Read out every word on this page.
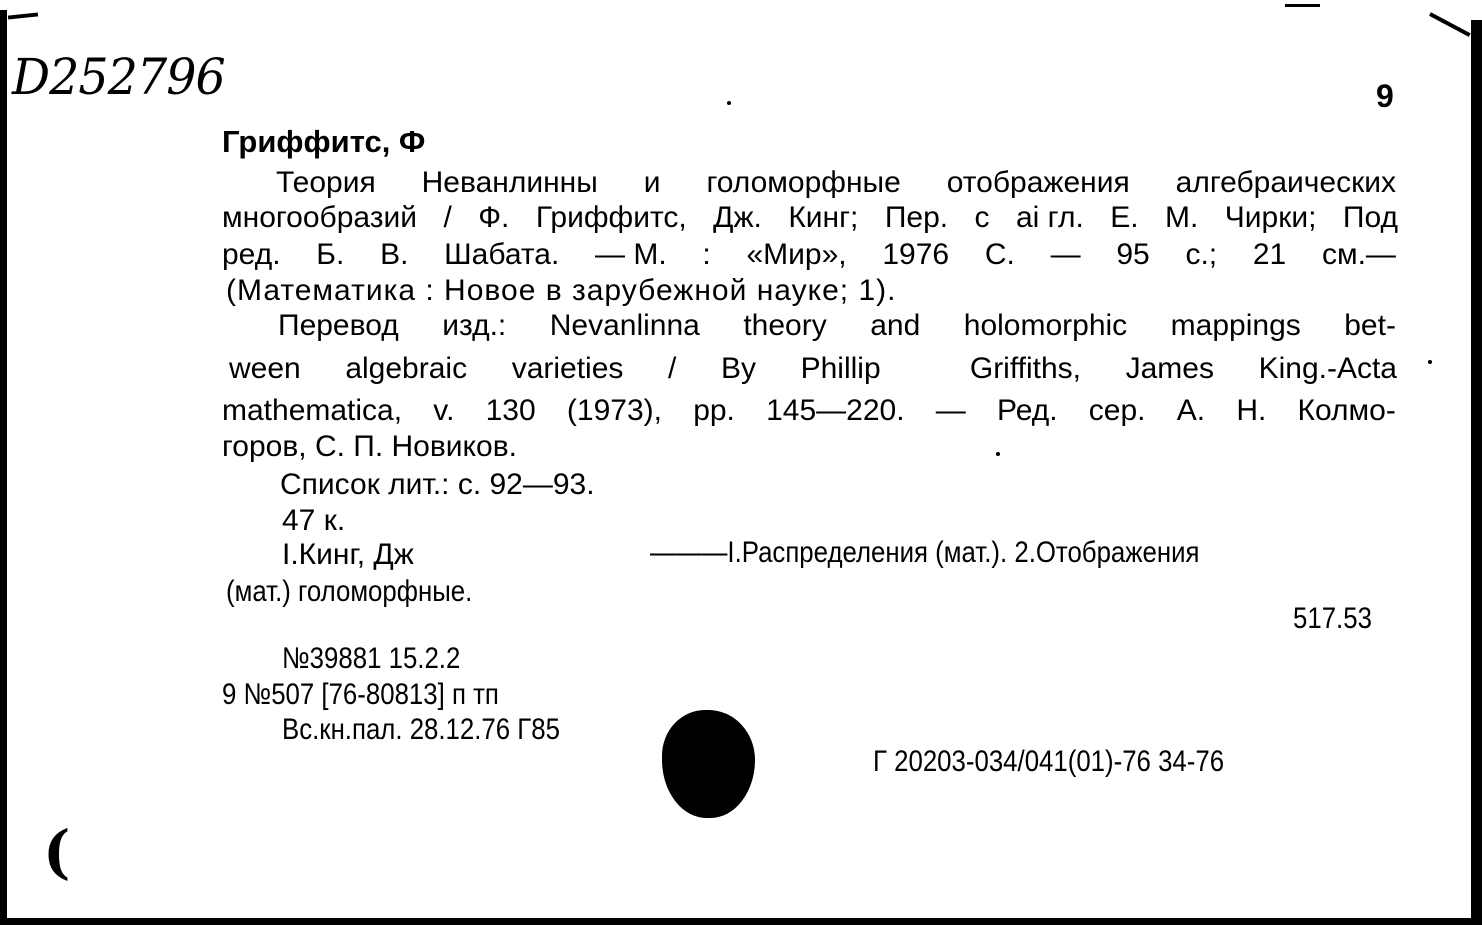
D252796	9
Гриффитс, Ф
Теория Неванлинны и голоморфные отображения алгебраических
многообразий / Ф. Гриффитс, Дж. Кинг; Пер. с аі гл. Е. М. Чирки; Под
ред. Б. В. Шабата. — М. : «Мир», 1976 С. — 95 с.; 21 см.—
(Математика : Новое в зарубежной науке; 1).
Перевод изд.: Nevanlinna theory and holomorphic mappings bet-
ween algebraic varieties / By Phillip	Griffiths, James King.-Acta
mathematica, v. 130 (1973), pp. 145—220. — Ред. сер. А. Н. Колмо-
горов, С. П. Новиков.
Список лит.: с. 92—93.
47 к.
I.Кинг, Дж	———I.Распределения (мат.). 2.Отображения
(мат.) голоморфные.
517.53
№39881 15.2.2
9 №507 [76-80813] п тп
Вс.кн.пал. 28.12.76 Г85
Г 20203-034/041(01)-76 34-76
(
